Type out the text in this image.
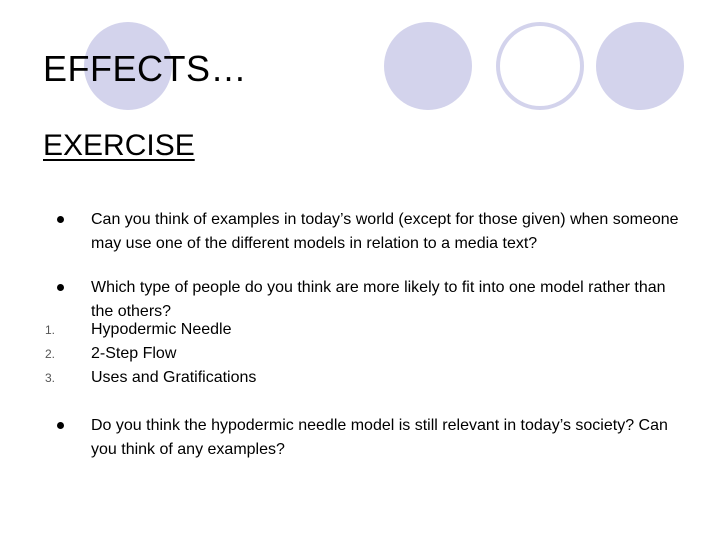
EFFECTS…
EXERCISE
Can you think of examples in today’s world (except for those given) when someone may use one of the different models in relation to a media text?
Which type of people do you think are more likely to fit into one model rather than the others?
1. Hypodermic Needle
2. 2-Step Flow
3. Uses and Gratifications
Do you think the hypodermic needle model is still relevant in today’s society? Can you think of any examples?
